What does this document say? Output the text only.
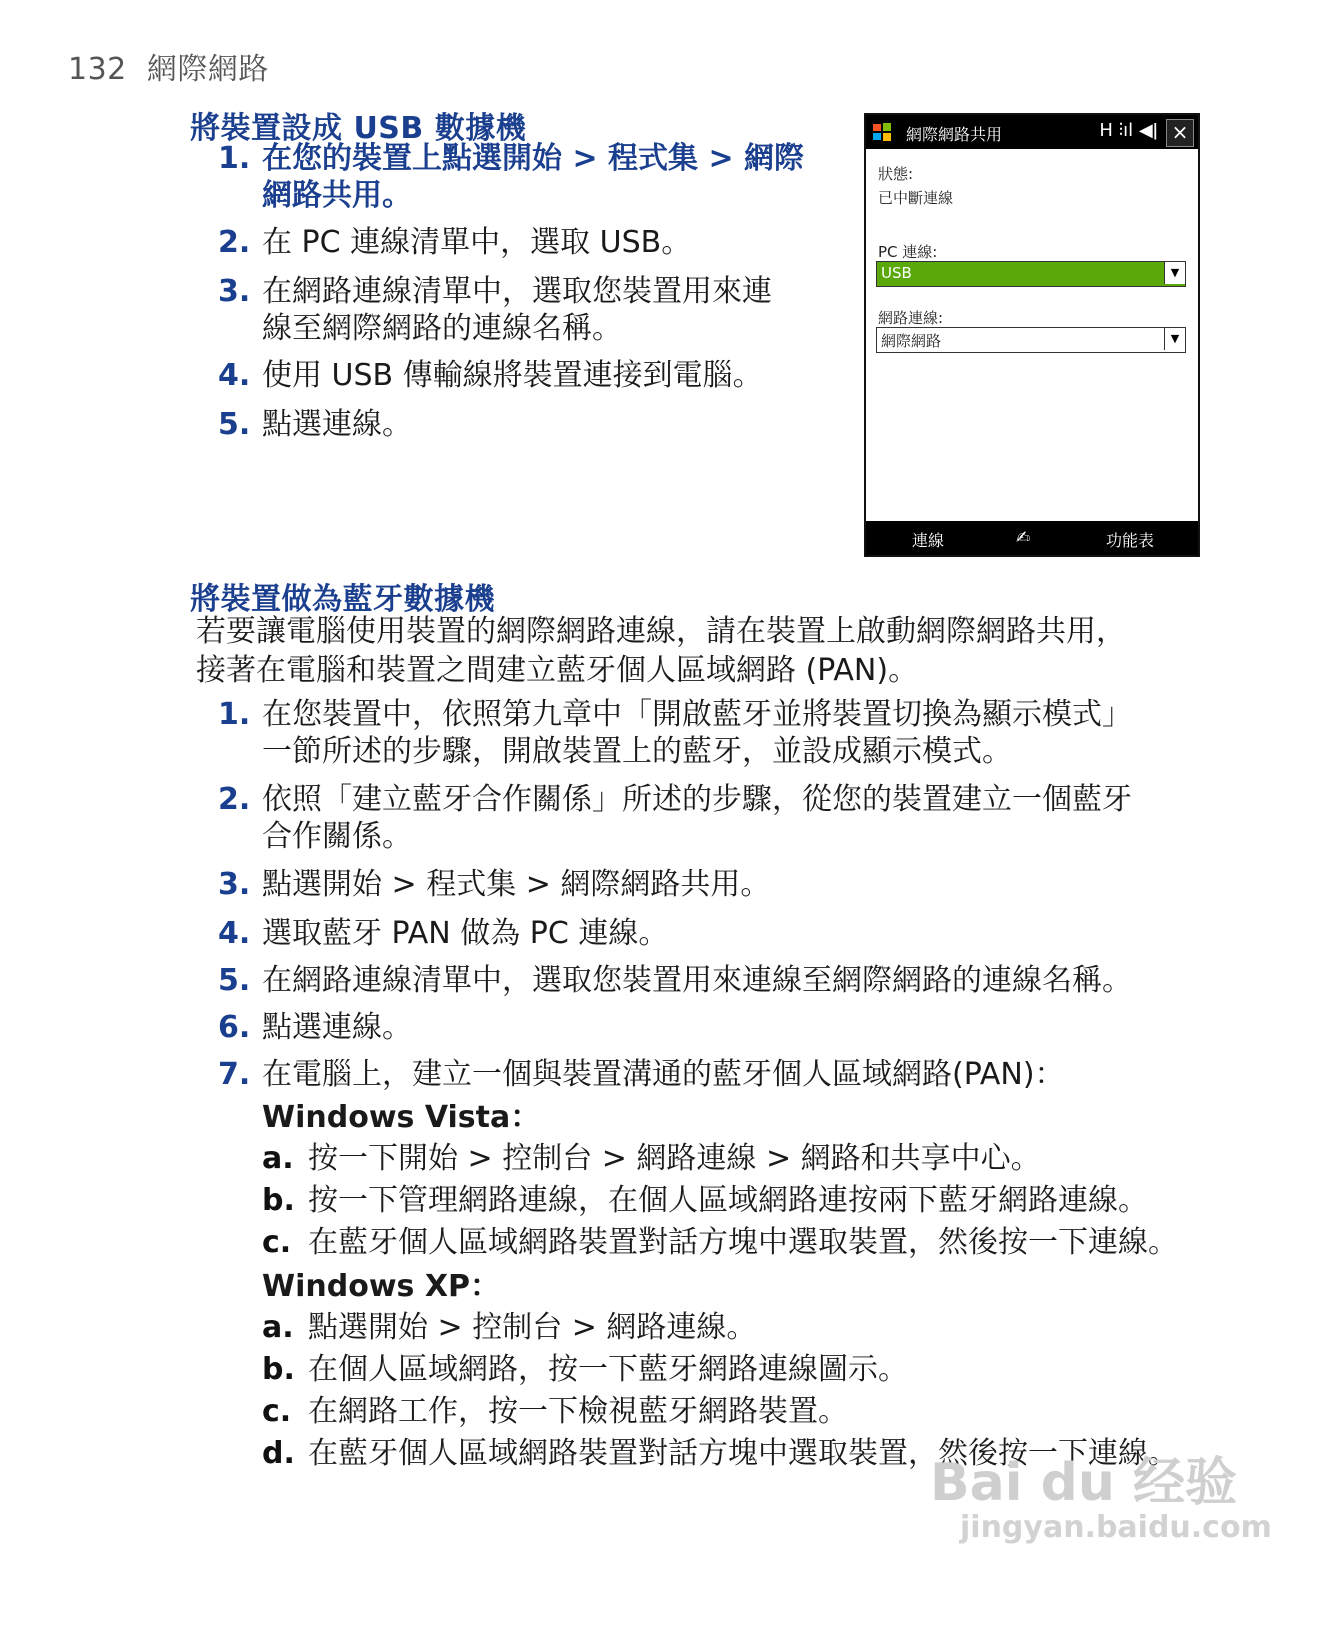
132 網際網路
將裝置設成 USB 數據機
1. 在您的裝置上點選開始 > 程式集 > 網際
網路共用。
2. 在 PC 連線清單中，選取 USB。
3. 在網路連線清單中，選取您裝置用來連
線至網際網路的連線名稱。
4. 使用 USB 傳輸線將裝置連接到電腦。
5. 點選連線。
網際網路共用	H ⫶ıl ◀ǀ ×
狀態:
已中斷連線
PC 連線:
USB	▼
網路連線:
網際網路	▼
連線	✍	功能表
將裝置做為藍牙數據機
若要讓電腦使用裝置的網際網路連線，請在裝置上啟動網際網路共用，
接著在電腦和裝置之間建立藍牙個人區域網路 (PAN)。
1. 在您裝置中，依照第九章中「開啟藍牙並將裝置切換為顯示模式」
一節所述的步驟，開啟裝置上的藍牙，並設成顯示模式。
2. 依照「建立藍牙合作關係」所述的步驟，從您的裝置建立一個藍牙
合作關係。
3. 點選開始 > 程式集 > 網際網路共用。
4. 選取藍牙 PAN 做為 PC 連線。
5. 在網路連線清單中，選取您裝置用來連線至網際網路的連線名稱。
6. 點選連線。
7. 在電腦上，建立一個與裝置溝通的藍牙個人區域網路(PAN)：
Windows Vista：
a. 按一下開始 > 控制台 > 網路連線 > 網路和共享中心。
b. 按一下管理網路連線，在個人區域網路連按兩下藍牙網路連線。
c. 在藍牙個人區域網路裝置對話方塊中選取裝置，然後按一下連線。
Windows XP：
a. 點選開始 > 控制台 > 網路連線。
b. 在個人區域網路，按一下藍牙網路連線圖示。
c. 在網路工作，按一下檢視藍牙網路裝置。
d. 在藍牙個人區域網路裝置對話方塊中選取裝置，然後按一下連線。
Bai du 经验
jingyan.baidu.com
